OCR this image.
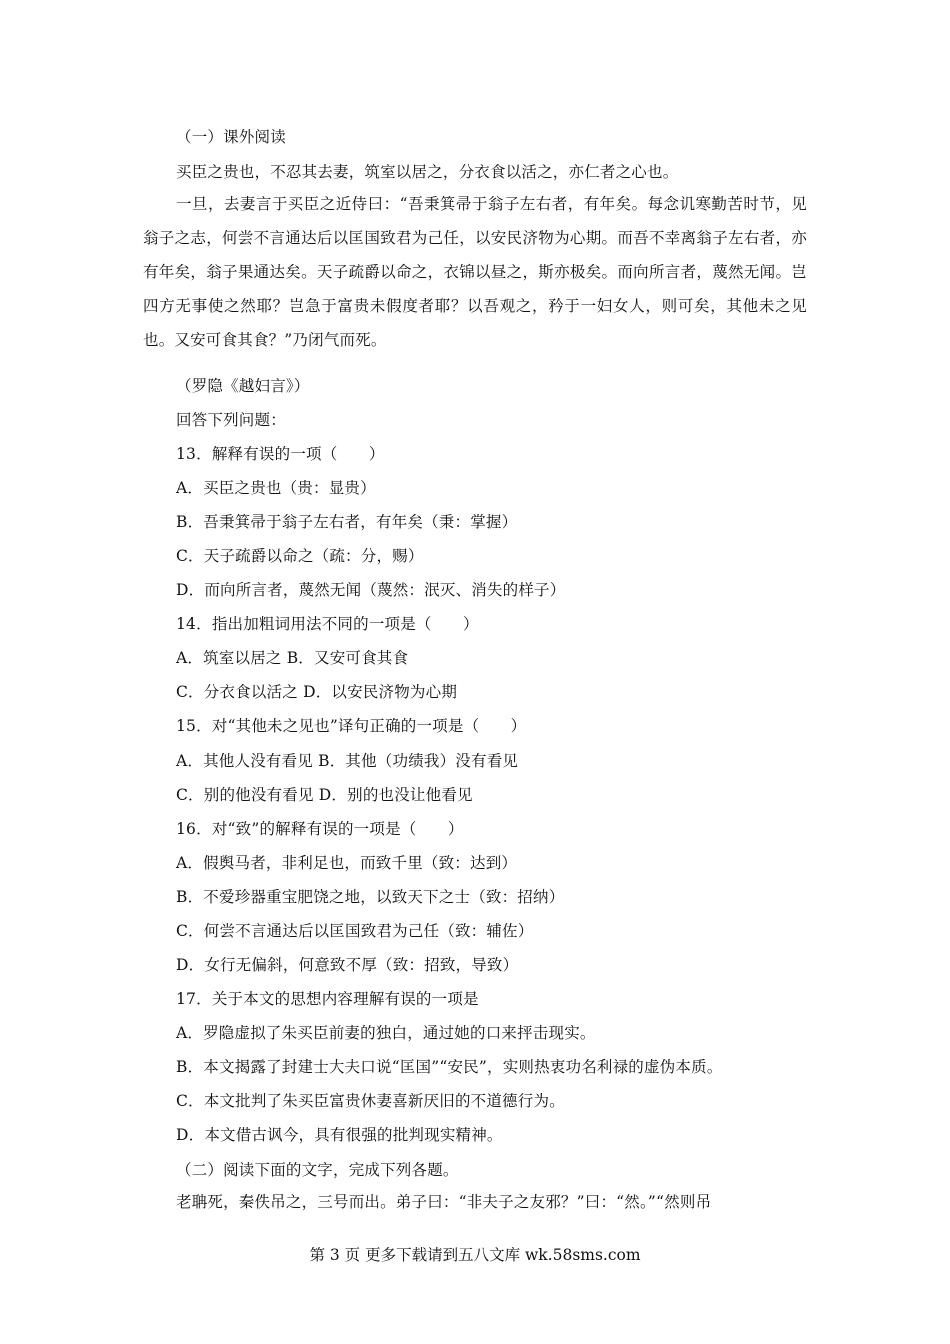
（一）课外阅读
买臣之贵也，不忍其去妻，筑室以居之，分衣食以活之，亦仁者之心也。
一旦，去妻言于买臣之近侍曰：“吾秉箕帚于翁子左右者，有年矣。每念讥寒勤苦时节，见翁子之志，何尝不言通达后以匡国致君为己任，以安民济物为心期。而吾不幸离翁子左右者，亦有年矣，翁子果通达矣。天子疏爵以命之，衣锦以昼之，斯亦极矣。而向所言者，蔑然无闻。岂四方无事使之然耶？岂急于富贵未假度者耶？以吾观之，矜于一妇女人，则可矣，其他未之见也。又安可食其食？”乃闭气而死。
（罗隐《越妇言》）
回答下列问题：
13．解释有误的一项（　　）
A．买臣之贵也（贵：显贵）
B．吾秉箕帚于翁子左右者，有年矣（秉：掌握）
C．天子疏爵以命之（疏：分，赐）
D．而向所言者，蔑然无闻（蔑然：泯灭、消失的样子）
14．指出加粗词用法不同的一项是（　　）
A．筑室以居之 B．又安可食其食
C．分衣食以活之 D．以安民济物为心期
15．对“其他未之见也”译句正确的一项是（　　）
A．其他人没有看见 B．其他（功绩我）没有看见
C．别的他没有看见 D．别的也没让他看见
16．对“致”的解释有误的一项是（　　）
A．假舆马者，非利足也，而致千里（致：达到）
B．不爱珍器重宝肥饶之地，以致天下之士（致：招纳）
C．何尝不言通达后以匡国致君为己任（致：辅佐）
D．女行无偏斜，何意致不厚（致：招致，导致）
17．关于本文的思想内容理解有误的一项是
A．罗隐虚拟了朱买臣前妻的独白，通过她的口来抨击现实。
B．本文揭露了封建士大夫口说“匡国”“安民”，实则热衷功名利禄的虚伪本质。
C．本文批判了朱买臣富贵休妻喜新厌旧的不道德行为。
D．本文借古讽今，具有很强的批判现实精神。
（二）阅读下面的文字，完成下列各题。
老聃死，秦佚吊之，三号而出。弟子曰：“非夫子之友邪？”曰：“然。”“然则吊
第 3 页 更多下载请到五八文库 wk.58sms.com
